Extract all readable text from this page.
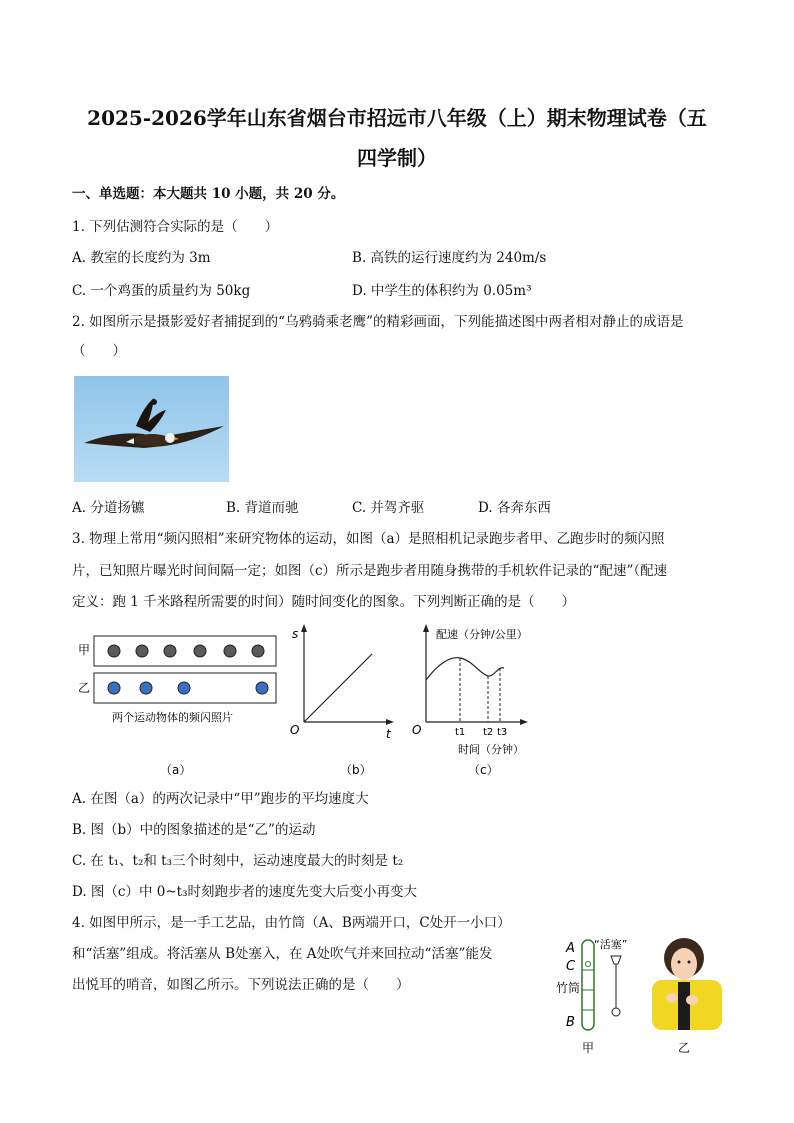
2025-2026学年山东省烟台市招远市八年级（上）期末物理试卷（五
四学制）
一、单选题：本大题共 10 小题，共 20 分。
1. 下列估测符合实际的是（　　）
A. 教室的长度约为 3m	B. 高铁的运行速度约为 240m/s
C. 一个鸡蛋的质量约为 50kg	D. 中学生的体积约为 0.05m³
2. 如图所示是摄影爱好者捕捉到的“乌鸦骑乘老鹰”的精彩画面，下列能描述图中两者相对静止的成语是
（　　）
A. 分道扬镳	B. 背道而驰	C. 并驾齐驱	D. 各奔东西
3. 物理上常用“频闪照相”来研究物体的运动，如图（a）是照相机记录跑步者甲、乙跑步时的频闪照
片，已知照片曝光时间间隔一定；如图（c）所示是跑步者用随身携带的手机软件记录的“配速”（配速
定义：跑 1 千米路程所需要的时间）随时间变化的图象。下列判断正确的是（　　）
甲
乙
两个运动物体的频闪照片
（a）
s
t
O
（b）
配速（分钟/公里）
O	t1 t2 t3
时间（分钟）
（c）
A. 在图（a）的两次记录中“甲”跑步的平均速度大
B. 图（b）中的图象描述的是“乙”的运动
C. 在 t₁、t₂和 t₃三个时刻中，运动速度最大的时刻是 t₂
D. 图（c）中 0~t₃时刻跑步者的速度先变大后变小再变大
4. 如图甲所示，是一手工艺品，由竹筒（A、B两端开口，C处开一小口）
和“活塞”组成。将活塞从 B处塞入，在 A处吹气并来回拉动“活塞”能发
出悦耳的哨音，如图乙所示。下列说法正确的是（　　）
A
C
竹筒
B
甲
“活塞”
乙
